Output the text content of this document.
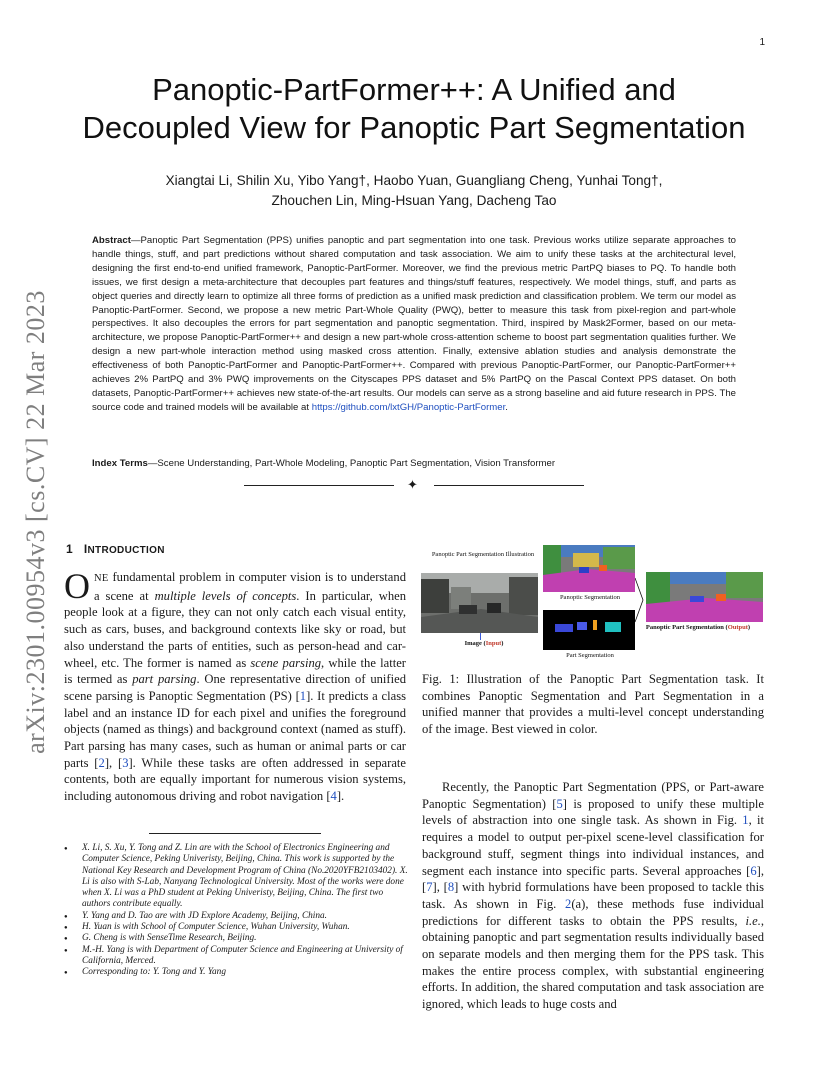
1
arXiv:2301.00954v3 [cs.CV] 22 Mar 2023
Panoptic-PartFormer++: A Unified and
Decoupled View for Panoptic Part Segmentation
Xiangtai Li, Shilin Xu, Yibo Yang†, Haobo Yuan, Guangliang Cheng, Yunhai Tong†,
Zhouchen Lin, Ming-Hsuan Yang, Dacheng Tao
Abstract—Panoptic Part Segmentation (PPS) unifies panoptic and part segmentation into one task. Previous works utilize separate approaches to handle things, stuff, and part predictions without shared computation and task association. We aim to unify these tasks at the architectural level, designing the first end-to-end unified framework, Panoptic-PartFormer. Moreover, we find the previous metric PartPQ biases to PQ. To handle both issues, we first design a meta-architecture that decouples part features and things/stuff features, respectively. We model things, stuff, and parts as object queries and directly learn to optimize all three forms of prediction as a unified mask prediction and classification problem. We term our model as Panoptic-PartFormer. Second, we propose a new metric Part-Whole Quality (PWQ), better to measure this task from pixel-region and part-whole perspectives. It also decouples the errors for part segmentation and panoptic segmentation. Third, inspired by Mask2Former, based on our meta-architecture, we propose Panoptic-PartFormer++ and design a new part-whole cross-attention scheme to boost part segmentation qualities further. We design a new part-whole interaction method using masked cross attention. Finally, extensive ablation studies and analysis demonstrate the effectiveness of both Panoptic-PartFormer and Panoptic-PartFormer++. Compared with previous Panoptic-PartFormer, our Panoptic-PartFormer++ achieves 2% PartPQ and 3% PWQ improvements on the Cityscapes PPS dataset and 5% PartPQ on the Pascal Context PPS dataset. On both datasets, Panoptic-PartFormer++ achieves new state-of-the-art results. Our models can serve as a strong baseline and aid future research in PPS. The source code and trained models will be available at https://github.com/lxtGH/Panoptic-PartFormer.
Index Terms—Scene Understanding, Part-Whole Modeling, Panoptic Part Segmentation, Vision Transformer
✦
1 INTRODUCTION
ONE fundamental problem in computer vision is to understand a scene at multiple levels of concepts. In particular, when people look at a figure, they can not only catch each visual entity, such as cars, buses, and background contexts like sky or road, but also understand the parts of entities, such as person-head and car-wheel, etc. The former is named as scene parsing, while the latter is termed as part parsing. One representative direction of unified scene parsing is Panoptic Segmentation (PS) [1]. It predicts a class label and an instance ID for each pixel and unifies the foreground objects (named as things) and background context (named as stuff). Part parsing has many cases, such as human or animal parts or car parts [2], [3]. While these tasks are often addressed in separate contents, both are equally important for numerous vision systems, including autonomous driving and robot navigation [4].
● X. Li, S. Xu, Y. Tong and Z. Lin are with the School of Electronics Engineering and Computer Science, Peking Univeristy, Beijing, China. This work is supported by the National Key Research and Development Program of China (No.2020YFB2103402). X. Li is also with S-Lab, Nanyang Technological University. Most of the works were done when X. Li was a PhD student at Peking Univeristy, Beijing, China. The first two authors contribute equally.
● Y. Yang and D. Tao are with JD Explore Academy, Beijing, China.
● H. Yuan is with School of Computer Science, Wuhan University, Wuhan.
● G. Cheng is with SenseTime Research, Beijing.
● M.-H. Yang is with Department of Computer Science and Engineering at University of California, Merced.
● Corresponding to: Y. Tong and Y. Yang
Panoptic Part Segmentation Illustration
Image (Input)
Panoptic Segmentation
Part Segmentation
Panoptic Part Segmentation (Output)
Fig. 1: Illustration of the Panoptic Part Segmentation task. It combines Panoptic Segmentation and Part Segmentation in a unified manner that provides a multi-level concept understanding of the image. Best viewed in color.
Recently, the Panoptic Part Segmentation (PPS, or Part-aware Panoptic Segmentation) [5] is proposed to unify these multiple levels of abstraction into one single task. As shown in Fig. 1, it requires a model to output per-pixel scene-level classification for background stuff, segment things into individual instances, and segment each instance into specific parts. Several approaches [6], [7], [8] with hybrid formulations have been proposed to tackle this task. As shown in Fig. 2(a), these methods fuse individual predictions for different tasks to obtain the PPS results, i.e., obtaining panoptic and part segmentation results individually based on separate models and then merging them for the PPS task. This makes the entire process complex, with substantial engineering efforts. In addition, the shared computation and task association are ignored, which leads to huge costs and
